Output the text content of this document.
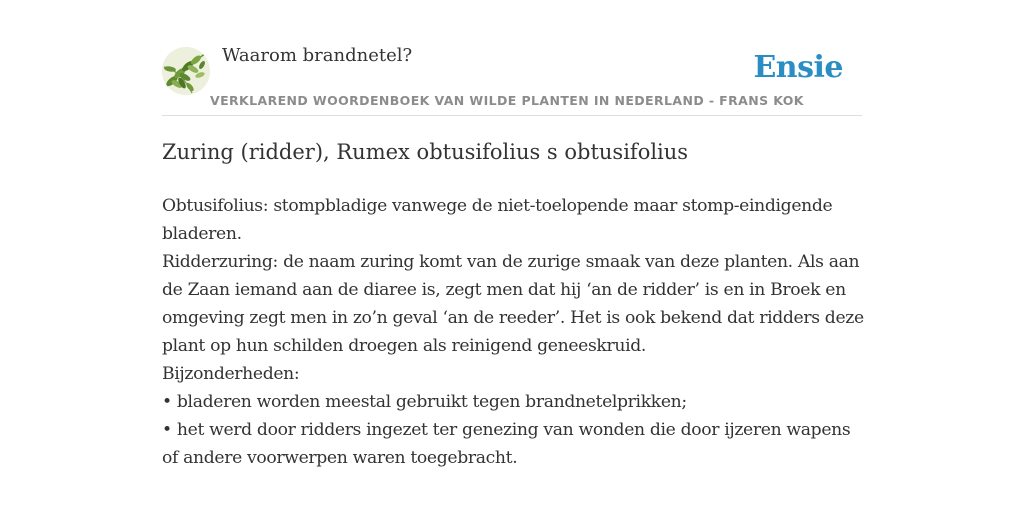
Waarom brandnetel?
VERKLAREND WOORDENBOEK VAN WILDE PLANTEN IN NEDERLAND - FRANS KOK
Ensie
Zuring (ridder), Rumex obtusifolius s obtusifolius

Obtusifolius: stompbladige vanwege de niet-toelopende maar stomp-eindigende bladeren.

Ridderzuring: de naam zuring komt van de zurige smaak van deze planten. Als aan de Zaan iemand aan de diaree is, zegt men dat hij ‘an de ridder’ is en in Broek en omgeving zegt men in zo’n geval ‘an de reeder’. Het is ook bekend dat ridders deze plant op hun schilden droegen als reinigend geneeskruid.

Bijzonderheden:

• bladeren worden meestal gebruikt tegen brandnetelprikken;

• het werd door ridders ingezet ter genezing van wonden die door ijzeren wapens of andere voorwerpen waren toegebracht.
